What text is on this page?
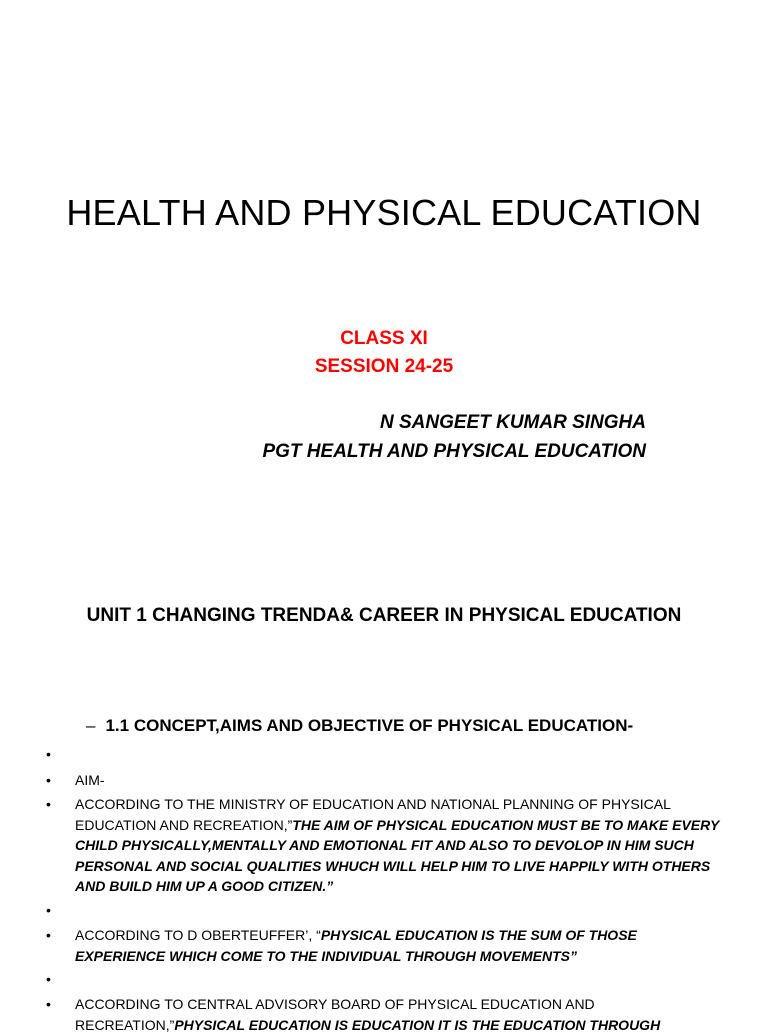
HEALTH AND PHYSICAL EDUCATION
CLASS XI
SESSION 24-25
N SANGEET KUMAR SINGHA
PGT HEALTH AND PHYSICAL EDUCATION
UNIT 1 CHANGING TRENDA& CAREER IN PHYSICAL EDUCATION
– 1.1 CONCEPT,AIMS AND OBJECTIVE OF PHYSICAL EDUCATION-
•
•	AIM-
•	ACCORDING TO THE MINISTRY OF EDUCATION AND NATIONAL PLANNING OF PHYSICAL EDUCATION AND RECREATION,”THE AIM OF PHYSICAL EDUCATION MUST BE TO MAKE EVERY CHILD PHYSICALLY,MENTALLY AND EMOTIONAL FIT AND ALSO TO DEVOLOP IN HIM SUCH PERSONAL AND SOCIAL QUALITIES WHUCH WILL HELP HIM TO LIVE HAPPILY WITH OTHERS AND BUILD HIM UP A GOOD CITIZEN.”
•
•	ACCORDING TO D OBERTEUFFER’, “PHYSICAL EDUCATION IS THE SUM OF THOSE EXPERIENCE WHICH COME TO THE INDIVIDUAL THROUGH MOVEMENTS”
•
•	ACCORDING TO CENTRAL ADVISORY BOARD OF PHYSICAL EDUCATION AND RECREATION,”PHYSICAL EDUCATION IS EDUCATION IT IS THE EDUCATION THROUGH
